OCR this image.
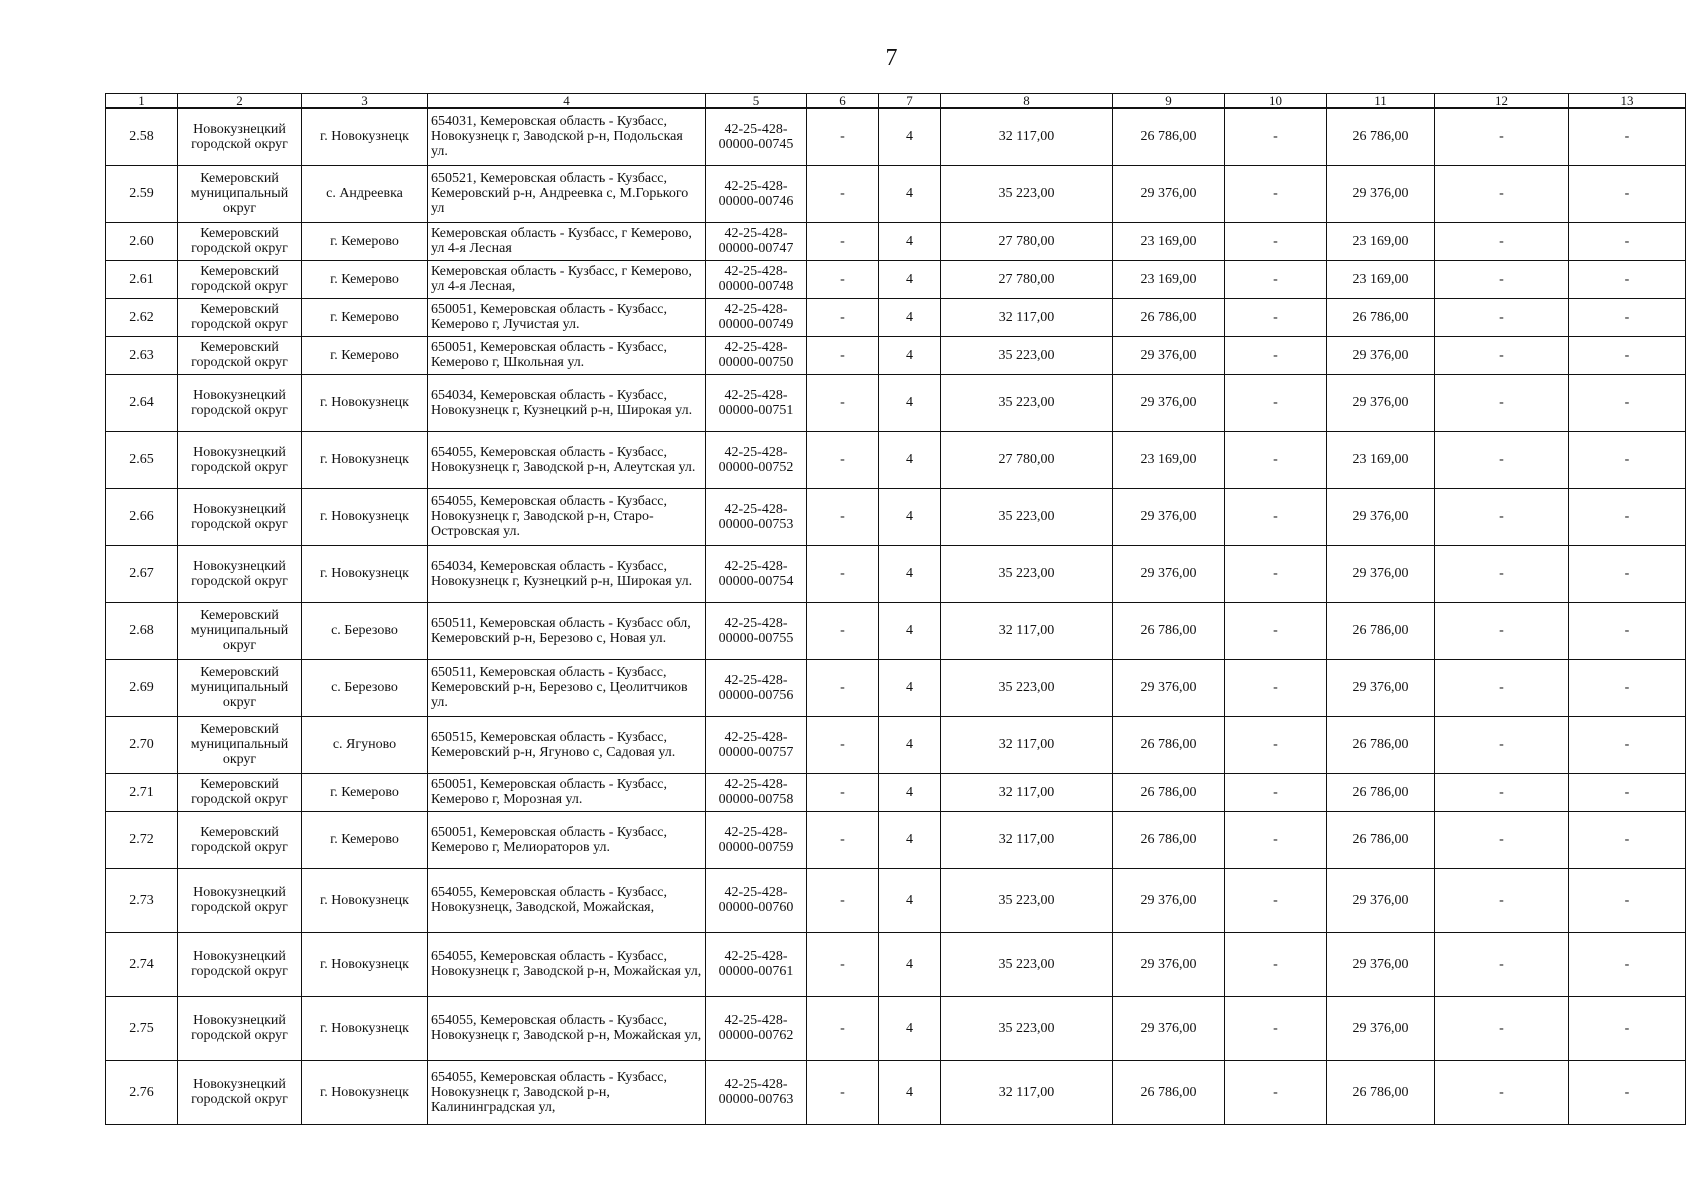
7
1	2	3	4	5	6	7	8	9	10	11	12	13
2.58	Новокузнецкий городской округ	г. Новокузнецк	654031, Кемеровская область - Кузбасс, Новокузнецк г, Заводской р-н, Подольская ул.	42-25-428-00000-00745	-	4	32 117,00	26 786,00	-	26 786,00	-	-
2.59	Кемеровский муниципальный округ	с. Андреевка	650521, Кемеровская область - Кузбасс, Кемеровский р-н, Андреевка с, М.Горького ул	42-25-428-00000-00746	-	4	35 223,00	29 376,00	-	29 376,00	-	-
2.60	Кемеровский городской округ	г. Кемерово	Кемеровская область - Кузбасс, г Кемерово, ул 4-я Лесная	42-25-428-00000-00747	-	4	27 780,00	23 169,00	-	23 169,00	-	-
2.61	Кемеровский городской округ	г. Кемерово	Кемеровская область - Кузбасс, г Кемерово, ул 4-я Лесная,	42-25-428-00000-00748	-	4	27 780,00	23 169,00	-	23 169,00	-	-
2.62	Кемеровский городской округ	г. Кемерово	650051, Кемеровская область - Кузбасс, Кемерово г, Лучистая ул.	42-25-428-00000-00749	-	4	32 117,00	26 786,00	-	26 786,00	-	-
2.63	Кемеровский городской округ	г. Кемерово	650051, Кемеровская область - Кузбасс, Кемерово г, Школьная ул.	42-25-428-00000-00750	-	4	35 223,00	29 376,00	-	29 376,00	-	-
2.64	Новокузнецкий городской округ	г. Новокузнецк	654034, Кемеровская область - Кузбасс, Новокузнецк г, Кузнецкий р-н, Широкая ул.	42-25-428-00000-00751	-	4	35 223,00	29 376,00	-	29 376,00	-	-
2.65	Новокузнецкий городской округ	г. Новокузнецк	654055, Кемеровская область - Кузбасс, Новокузнецк г, Заводской р-н, Алеутская ул.	42-25-428-00000-00752	-	4	27 780,00	23 169,00	-	23 169,00	-	-
2.66	Новокузнецкий городской округ	г. Новокузнецк	654055, Кемеровская область - Кузбасс, Новокузнецк г, Заводской р-н, Старо-Островская ул.	42-25-428-00000-00753	-	4	35 223,00	29 376,00	-	29 376,00	-	-
2.67	Новокузнецкий городской округ	г. Новокузнецк	654034, Кемеровская область - Кузбасс, Новокузнецк г, Кузнецкий р-н, Широкая ул.	42-25-428-00000-00754	-	4	35 223,00	29 376,00	-	29 376,00	-	-
2.68	Кемеровский муниципальный округ	с. Березово	650511, Кемеровская область - Кузбасс обл, Кемеровский р-н, Березово с, Новая ул.	42-25-428-00000-00755	-	4	32 117,00	26 786,00	-	26 786,00	-	-
2.69	Кемеровский муниципальный округ	с. Березово	650511, Кемеровская область - Кузбасс, Кемеровский р-н, Березово с, Цеолитчиков ул.	42-25-428-00000-00756	-	4	35 223,00	29 376,00	-	29 376,00	-	-
2.70	Кемеровский муниципальный округ	с. Ягуново	650515, Кемеровская область - Кузбасс, Кемеровский р-н, Ягуново с, Садовая ул.	42-25-428-00000-00757	-	4	32 117,00	26 786,00	-	26 786,00	-	-
2.71	Кемеровский городской округ	г. Кемерово	650051, Кемеровская область - Кузбасс, Кемерово г, Морозная ул.	42-25-428-00000-00758	-	4	32 117,00	26 786,00	-	26 786,00	-	-
2.72	Кемеровский городской округ	г. Кемерово	650051, Кемеровская область - Кузбасс, Кемерово г, Мелиораторов ул.	42-25-428-00000-00759	-	4	32 117,00	26 786,00	-	26 786,00	-	-
2.73	Новокузнецкий городской округ	г. Новокузнецк	654055, Кемеровская область - Кузбасс, Новокузнецк, Заводской, Можайская,	42-25-428-00000-00760	-	4	35 223,00	29 376,00	-	29 376,00	-	-
2.74	Новокузнецкий городской округ	г. Новокузнецк	654055, Кемеровская область - Кузбасс, Новокузнецк г, Заводской р-н, Можайская ул,	42-25-428-00000-00761	-	4	35 223,00	29 376,00	-	29 376,00	-	-
2.75	Новокузнецкий городской округ	г. Новокузнецк	654055, Кемеровская область - Кузбасс, Новокузнецк г, Заводской р-н, Можайская ул,	42-25-428-00000-00762	-	4	35 223,00	29 376,00	-	29 376,00	-	-
2.76	Новокузнецкий городской округ	г. Новокузнецк	654055, Кемеровская область - Кузбасс, Новокузнецк г, Заводской р-н, Калининградская ул,	42-25-428-00000-00763	-	4	32 117,00	26 786,00	-	26 786,00	-	-
